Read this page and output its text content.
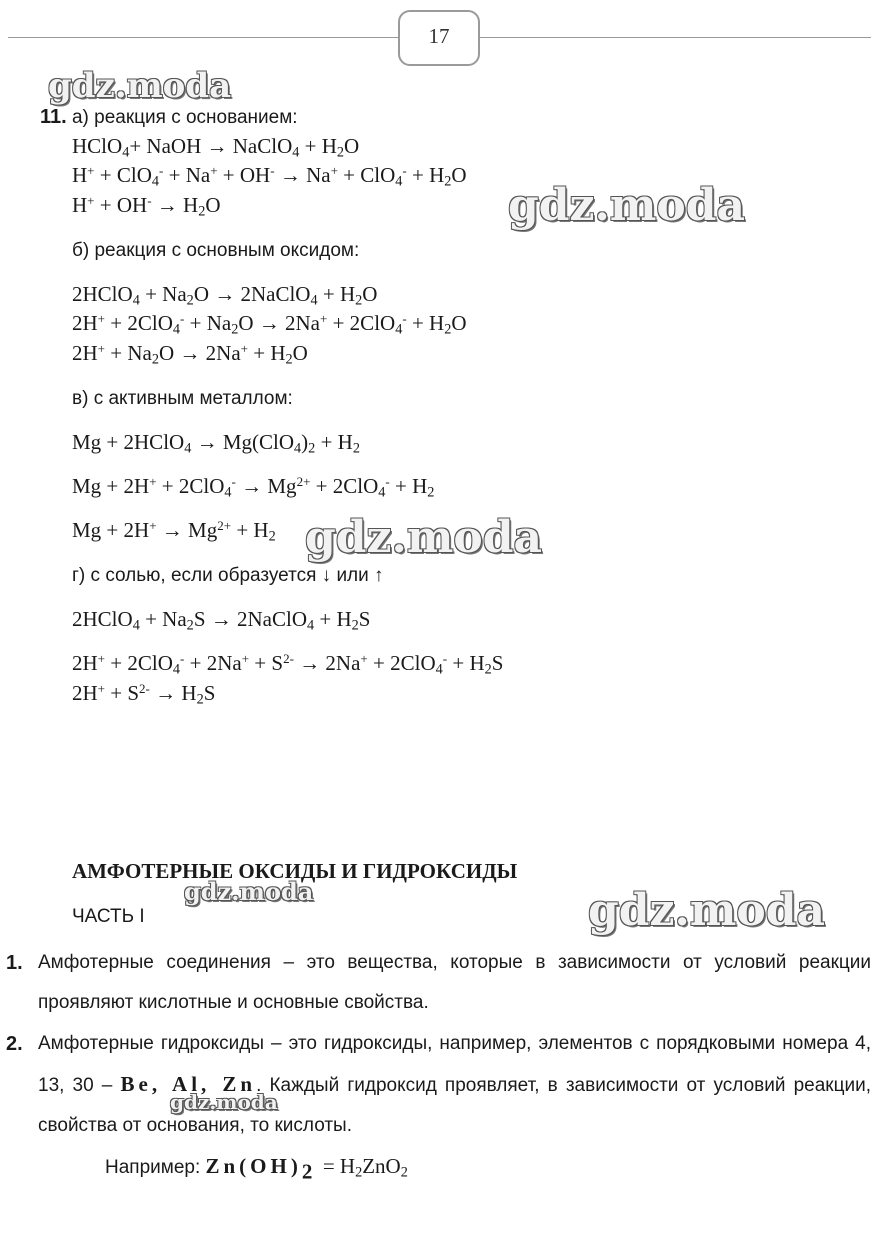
17
11. а) реакция с основанием:
HClO$_4$+ NaOH → NaClO$_4$ + $H_2O$
$H^+ + ClO_4^- + Na^+ + OH^- \to Na^+ + ClO_4^- + H_2O$
$H^+ + OH^- \to H_2O$
б) реакция с основным оксидом:
2HClO$_4$ + $Na_2O$ → 2NaClO$_4$ + $H_2O$
$2H^+ + 2ClO_4^- + Na_2O \to 2Na^+ + 2ClO_4^- + H_2O$
$2H^+ + Na_2O \to 2Na^+ + H_2O$
в) с активным металлом:
Mg + 2HClO$_4$ → $Mg(ClO_4)_2 + H_2$
$Mg + 2H^+ + 2ClO_4^- \to Mg^{2+} + 2ClO_4^- + H_2$
$Mg + 2H^+ \to Mg^{2+} + H_2$
г) с солью, если образуется ↓ или ↑
2HClO$_4$ + $Na_2S$ → 2NaClO$_4$ + $H_2S$
$2H^+ + 2ClO_4^- + 2Na^+ + S^{2-} \to 2Na^+ + 2ClO_4^- + H_2S$
$2H^+ + S^{2-} \to H_2S$
АМФОТЕРНЫЕ ОКСИДЫ И ГИДРОКСИДЫ
ЧАСТЬ I
1. Амфотерные соединения – это вещества, которые в зависимости от условий реакции проявляют кислотные и основные свойства.
2. Амфотерные гидроксиды – это гидроксиды, например, элементов с порядковыми номера 4, 13, 30 – Be, Al, Zn. Каждый гидроксид проявляет, в зависимости от условий реакции, свойства от основания, то кислоты.
Например: $Zn(OH)_2 = H_2ZnO_2$
gdz.moda
gdz.moda
gdz.moda
gdz.moda	gdz.moda
gdz.moda
